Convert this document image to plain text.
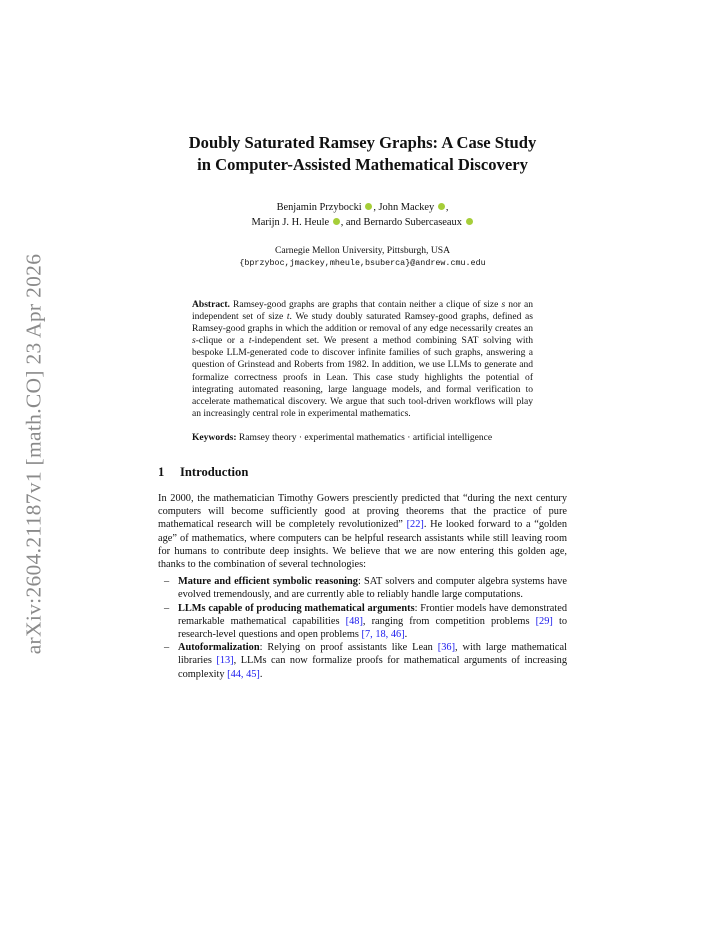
arXiv:2604.21187v1 [math.CO] 23 Apr 2026
Doubly Saturated Ramsey Graphs: A Case Study
in Computer-Assisted Mathematical Discovery
Benjamin Przybocki , John Mackey ,
Marijn J. H. Heule , and Bernardo Subercaseaux
Carnegie Mellon University, Pittsburgh, USA
{bprzyboc,jmackey,mheule,bsuberca}@andrew.cmu.edu
Abstract. Ramsey-good graphs are graphs that contain neither a clique of size s nor an independent set of size t. We study doubly saturated Ramsey-good graphs, defined as Ramsey-good graphs in which the addition or removal of any edge necessarily creates an s-clique or a t-independent set. We present a method combining SAT solving with bespoke LLM-generated code to discover infinite families of such graphs, answering a question of Grinstead and Roberts from 1982. In addition, we use LLMs to generate and formalize correctness proofs in Lean. This case study highlights the potential of integrating automated reasoning, large language models, and formal verification to accelerate mathematical discovery. We argue that such tool-driven workflows will play an increasingly central role in experimental mathematics.
Keywords: Ramsey theory · experimental mathematics · artificial intelligence
1 Introduction
In 2000, the mathematician Timothy Gowers presciently predicted that “during the next century computers will become sufficiently good at proving theorems that the practice of pure mathematical research will be completely revolutionized” [22]. He looked forward to a “golden age” of mathematics, where computers can be helpful research assistants while still leaving room for humans to contribute deep insights. We believe that we are now entering this golden age, thanks to the combination of several technologies:
– Mature and efficient symbolic reasoning: SAT solvers and computer algebra systems have evolved tremendously, and are currently able to reliably handle large computations.
– LLMs capable of producing mathematical arguments: Frontier models have demonstrated remarkable mathematical capabilities [48], ranging from competition problems [29] to research-level questions and open problems [7, 18, 46].
– Autoformalization: Relying on proof assistants like Lean [36], with large mathematical libraries [13], LLMs can now formalize proofs for mathematical arguments of increasing complexity [44, 45].
